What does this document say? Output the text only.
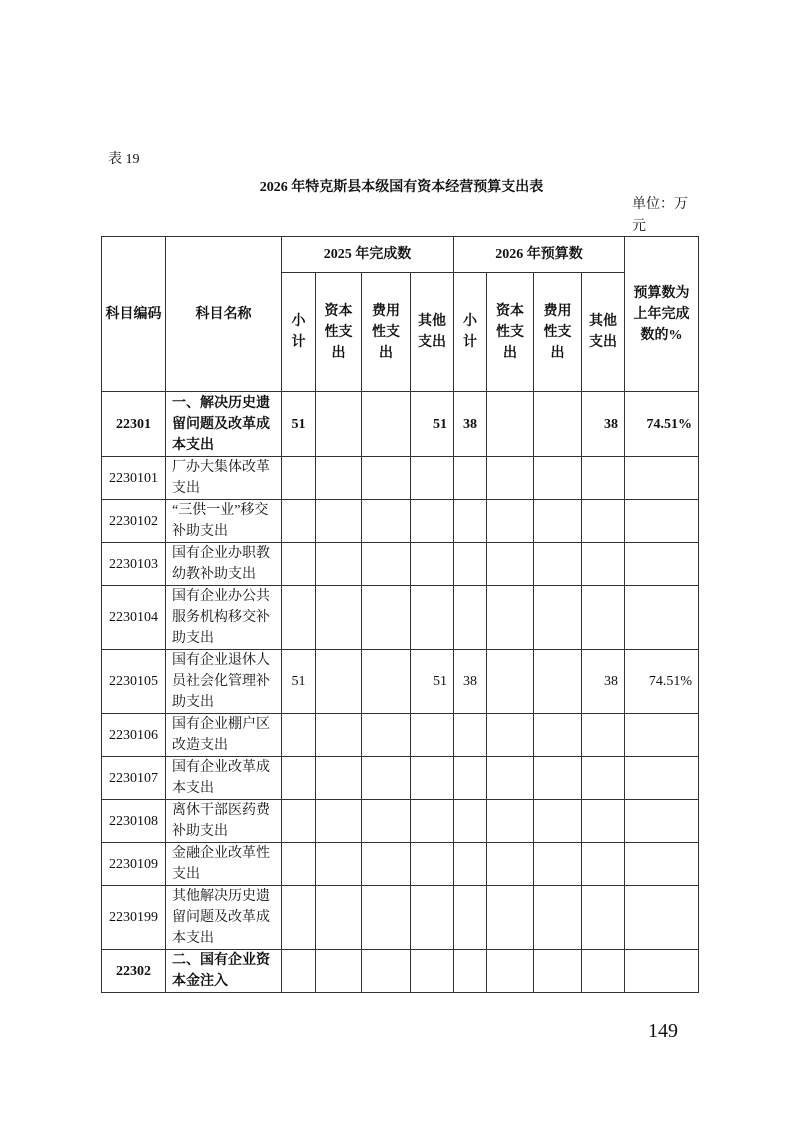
表 19
2026 年特克斯县本级国有资本经营预算支出表
单位：万元
科目编码	科目名称	2025 年完成数				2026 年预算数				预算数为上年完成数的%
		小计	资本性支出	费用性支出	其他支出	小计	资本性支出	费用性支出	其他支出	
22301	一、解决历史遗留问题及改革成本支出	51			51	38			38	74.51%
2230101	厂办大集体改革支出									
2230102	“三供一业”移交补助支出									
2230103	国有企业办职教幼教补助支出									
2230104	国有企业办公共服务机构移交补助支出									
2230105	国有企业退休人员社会化管理补助支出	51			51	38			38	74.51%
2230106	国有企业棚户区改造支出									
2230107	国有企业改革成本支出									
2230108	离休干部医药费补助支出									
2230109	金融企业改革性支出									
2230199	其他解决历史遗留问题及改革成本支出									
22302	二、国有企业资本金注入									
149
